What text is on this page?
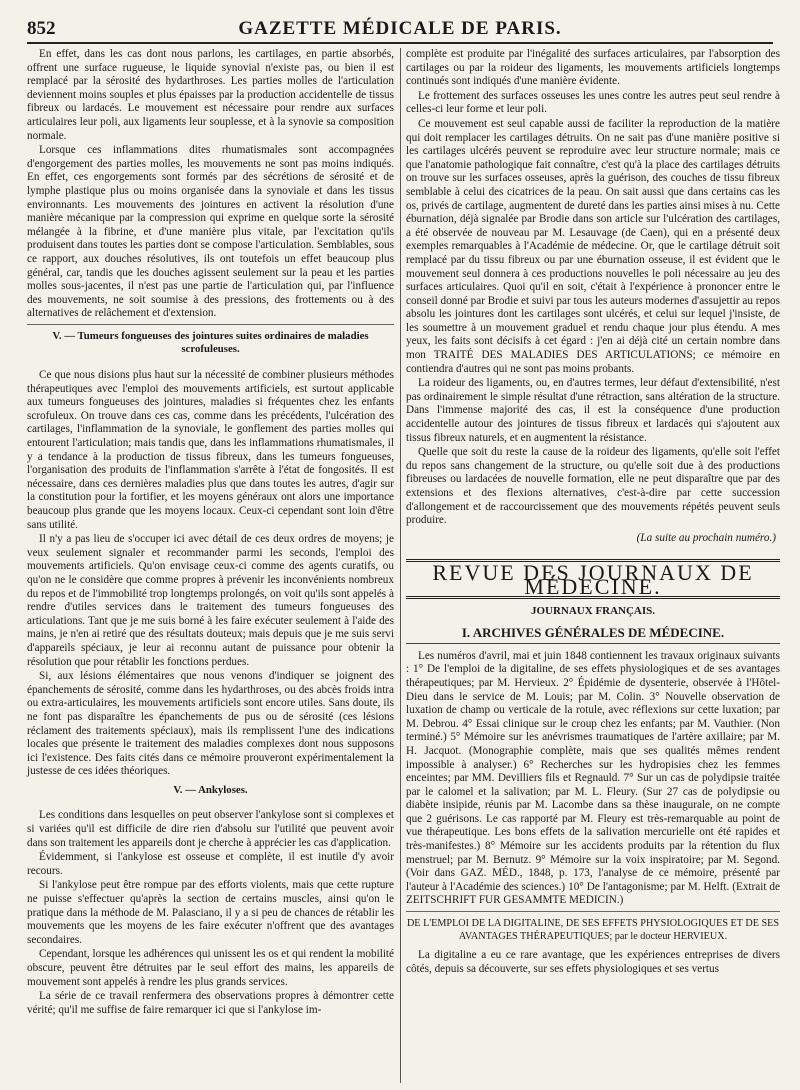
852	GAZETTE MÉDICALE DE PARIS.

En effet, dans les cas dont nous parlons, les cartilages, en partie absorbés, offrent une surface rugueuse, le liquide synovial n'existe pas, ou bien il est remplacé par la sérosité des hydarthroses. Les parties molles de l'articulation deviennent moins souples et plus épaisses par la production accidentelle de tissus fibreux ou lardacés. Le mouvement est nécessaire pour rendre aux surfaces articulaires leur poli, aux ligaments leur souplesse, et à la synovie sa composition normale.

Lorsque ces inflammations dites rhumatismales sont accompagnées d'engorgement des parties molles, les mouvements ne sont pas moins indiqués. En effet, ces engorgements sont formés par des sécrétions de sérosité et de lymphe plastique plus ou moins organisée dans la synoviale et dans les tissus environnants. Les mouvements des jointures en activent la résolution d'une manière mécanique par la compression qui exprime en quelque sorte la sérosité mélangée à la fibrine, et d'une manière plus vitale, par l'excitation qu'ils produisent dans toutes les parties dont se compose l'articulation. Semblables, sous ce rapport, aux douches résolutives, ils ont toutefois un effet beaucoup plus général, car, tandis que les douches agissent seulement sur la peau et les parties molles sous-jacentes, il n'est pas une partie de l'articulation qui, par l'influence des mouvements, ne soit soumise à des pressions, des frottements ou à des alternatives de relâchement et d'extension.

V. — Tumeurs fongueuses des jointures suites ordinaires de maladies scrofuleuses.

Ce que nous disions plus haut sur la nécessité de combiner plusieurs méthodes thérapeutiques avec l'emploi des mouvements artificiels, est surtout applicable aux tumeurs fongueuses des jointures, maladies si fréquentes chez les enfants scrofuleux. On trouve dans ces cas, comme dans les précédents, l'ulcération des cartilages, l'inflammation de la synoviale, le gonflement des parties molles qui entourent l'articulation; mais tandis que, dans les inflammations rhumatismales, il y a tendance à la production de tissus fibreux, dans les tumeurs fongueuses, l'organisation des produits de l'inflammation s'arrête à l'état de fongosités. Il est nécessaire, dans ces dernières maladies plus que dans toutes les autres, d'agir sur la constitution pour la fortifier, et les moyens généraux ont alors une importance beaucoup plus grande que les moyens locaux. Ceux-ci cependant sont loin d'être sans utilité.

Il n'y a pas lieu de s'occuper ici avec détail de ces deux ordres de moyens; je veux seulement signaler et recommander parmi les seconds, l'emploi des mouvements artificiels. Qu'on envisage ceux-ci comme des agents curatifs, ou qu'on ne le considère que comme propres à prévenir les inconvénients nombreux du repos et de l'immobilité trop longtemps prolongés, on voit qu'ils sont appelés à rendre d'utiles services dans le traitement des tumeurs fongueuses des articulations. Tant que je me suis borné à les faire exécuter seulement à l'aide des mains, je n'en ai retiré que des résultats douteux; mais depuis que je me suis servi d'appareils spéciaux, je leur ai reconnu autant de puissance pour obtenir la résolution que pour rétablir les fonctions perdues.

Si, aux lésions élémentaires que nous venons d'indiquer se joignent des épanchements de sérosité, comme dans les hydarthroses, ou des abcès froids intra ou extra-articulaires, les mouvements artificiels sont encore utiles. Sans doute, ils ne font pas disparaître les épanchements de pus ou de sérosité (ces lésions réclament des traitements spéciaux), mais ils remplissent l'une des indications locales que présente le traitement des maladies complexes dont nous supposons ici l'existence. Des faits cités dans ce mémoire prouveront expérimentalement la justesse de ces idées théoriques.

V. — Ankyloses.

Les conditions dans lesquelles on peut observer l'ankylose sont si complexes et si variées qu'il est difficile de dire rien d'absolu sur l'utilité que peuvent avoir dans son traitement les appareils dont je cherche à apprécier les cas d'application.

Évidemment, si l'ankylose est osseuse et complète, il est inutile d'y avoir recours.

Si l'ankylose peut être rompue par des efforts violents, mais que cette rupture ne puisse s'effectuer qu'après la section de certains muscles, ainsi qu'on le pratique dans la méthode de M. Palasciano, il y a si peu de chances de rétablir les mouvements que les moyens de les faire exécuter n'offrent que des avantages secondaires.

Cependant, lorsque les adhérences qui unissent les os et qui rendent la mobilité obscure, peuvent être détruites par le seul effort des mains, les appareils de mouvement sont appelés à rendre les plus grands services.

La série de ce travail renfermera des observations propres à démontrer cette vérité; qu'il me suffise de faire remarquer ici que si l'ankylose im-

complète est produite par l'inégalité des surfaces articulaires, par l'absorption des cartilages ou par la roideur des ligaments, les mouvements artificiels longtemps continués sont indiqués d'une manière évidente.

Le frottement des surfaces osseuses les unes contre les autres peut seul rendre à celles-ci leur forme et leur poli.

Ce mouvement est seul capable aussi de faciliter la reproduction de la matière qui doit remplacer les cartilages détruits. On ne sait pas d'une manière positive si les cartilages ulcérés peuvent se reproduire avec leur structure normale; mais ce que l'anatomie pathologique fait connaître, c'est qu'à la place des cartilages détruits on trouve sur les surfaces osseuses, après la guérison, des couches de tissu fibreux semblable à celui des cicatrices de la peau. On sait aussi que dans certains cas les os, privés de cartilage, augmentent de dureté dans les parties ainsi mises à nu. Cette éburnation, déjà signalée par Brodie dans son article sur l'ulcération des cartilages, a été observée de nouveau par M. Lesauvage (de Caen), qui en a présenté deux exemples remarquables à l'Académie de médecine. Or, que le cartilage détruit soit remplacé par du tissu fibreux ou par une éburnation osseuse, il est évident que le mouvement seul donnera à ces productions nouvelles le poli nécessaire au jeu des surfaces articulaires. Quoi qu'il en soit, c'était à l'expérience à prononcer entre le conseil donné par Brodie et suivi par tous les auteurs modernes d'assujettir au repos absolu les jointures dont les cartilages sont ulcérés, et celui sur lequel j'insiste, de les soumettre à un mouvement graduel et rendu chaque jour plus étendu. A mes yeux, les faits sont décisifs à cet égard : j'en ai déjà cité un certain nombre dans mon TRAITÉ DES MALADIES DES ARTICULATIONS; ce mémoire en contiendra d'autres qui ne sont pas moins probants.

La roideur des ligaments, ou, en d'autres termes, leur défaut d'extensibilité, n'est pas ordinairement le simple résultat d'une rétraction, sans altération de la structure. Dans l'immense majorité des cas, il est la conséquence d'une production accidentelle autour des jointures de tissus fibreux et lardacés qui s'ajoutent aux tissus fibreux naturels, et en augmentent la résistance.

Quelle que soit du reste la cause de la roideur des ligaments, qu'elle soit l'effet du repos sans changement de la structure, ou qu'elle soit due à des productions fibreuses ou lardacées de nouvelle formation, elle ne peut disparaître que par des extensions et des flexions alternatives, c'est-à-dire par cette succession d'allongement et de raccourcissement que des mouvements répétés peuvent seuls produire.

(La suite au prochain numéro.)
REVUE DES JOURNAUX DE MÉDECINE.
JOURNAUX FRANÇAIS.
I. ARCHIVES GÉNÉRALES DE MÉDECINE.

Les numéros d'avril, mai et juin 1848 contiennent les travaux originaux suivants : 1° De l'emploi de la digitaline, de ses effets physiologiques et de ses avantages thérapeutiques; par M. Hervieux. 2° Épidémie de dysenterie, observée à l'Hôtel-Dieu dans le service de M. Louis; par M. Colin. 3° Nouvelle observation de luxation de champ ou verticale de la rotule, avec réflexions sur cette luxation; par M. Debrou. 4° Essai clinique sur le croup chez les enfants; par M. Vauthier. (Non terminé.) 5° Mémoire sur les anévrismes traumatiques de l'artère axillaire; par M. H. Jacquot. (Monographie complète, mais que ses qualités mêmes rendent impossible à analyser.) 6° Recherches sur les hydropisies chez les femmes enceintes; par MM. Devilliers fils et Regnauld. 7° Sur un cas de polydipsie traitée par le calomel et la salivation; par M. L. Fleury. (Sur 27 cas de polydipsie ou diabète insipide, réunis par M. Lacombe dans sa thèse inaugurale, on ne compte que 2 guérisons. Le cas rapporté par M. Fleury est très-remarquable au point de vue thérapeutique. Les bons effets de la salivation mercurielle ont été rapides et très-manifestes.) 8° Mémoire sur les accidents produits par la rétention du flux menstruel; par M. Bernutz. 9° Mémoire sur la voix inspiratoire; par M. Segond. (Voir dans GAZ. MÉD., 1848, p. 173, l'analyse de ce mémoire, présenté par l'auteur à l'Académie des sciences.) 10° De l'antagonisme; par M. Helft. (Extrait de ZEITSCHRIFT FUR GESAMMTE MEDICIN.)

DE L'EMPLOI DE LA DIGITALINE, DE SES EFFETS PHYSIOLOGIQUES ET DE SES AVANTAGES THÉRAPEUTIQUES; par le docteur HERVIEUX.

La digitaline a eu ce rare avantage, que les expériences entreprises de divers côtés, depuis sa découverte, sur ses effets physiologiques et ses vertus
